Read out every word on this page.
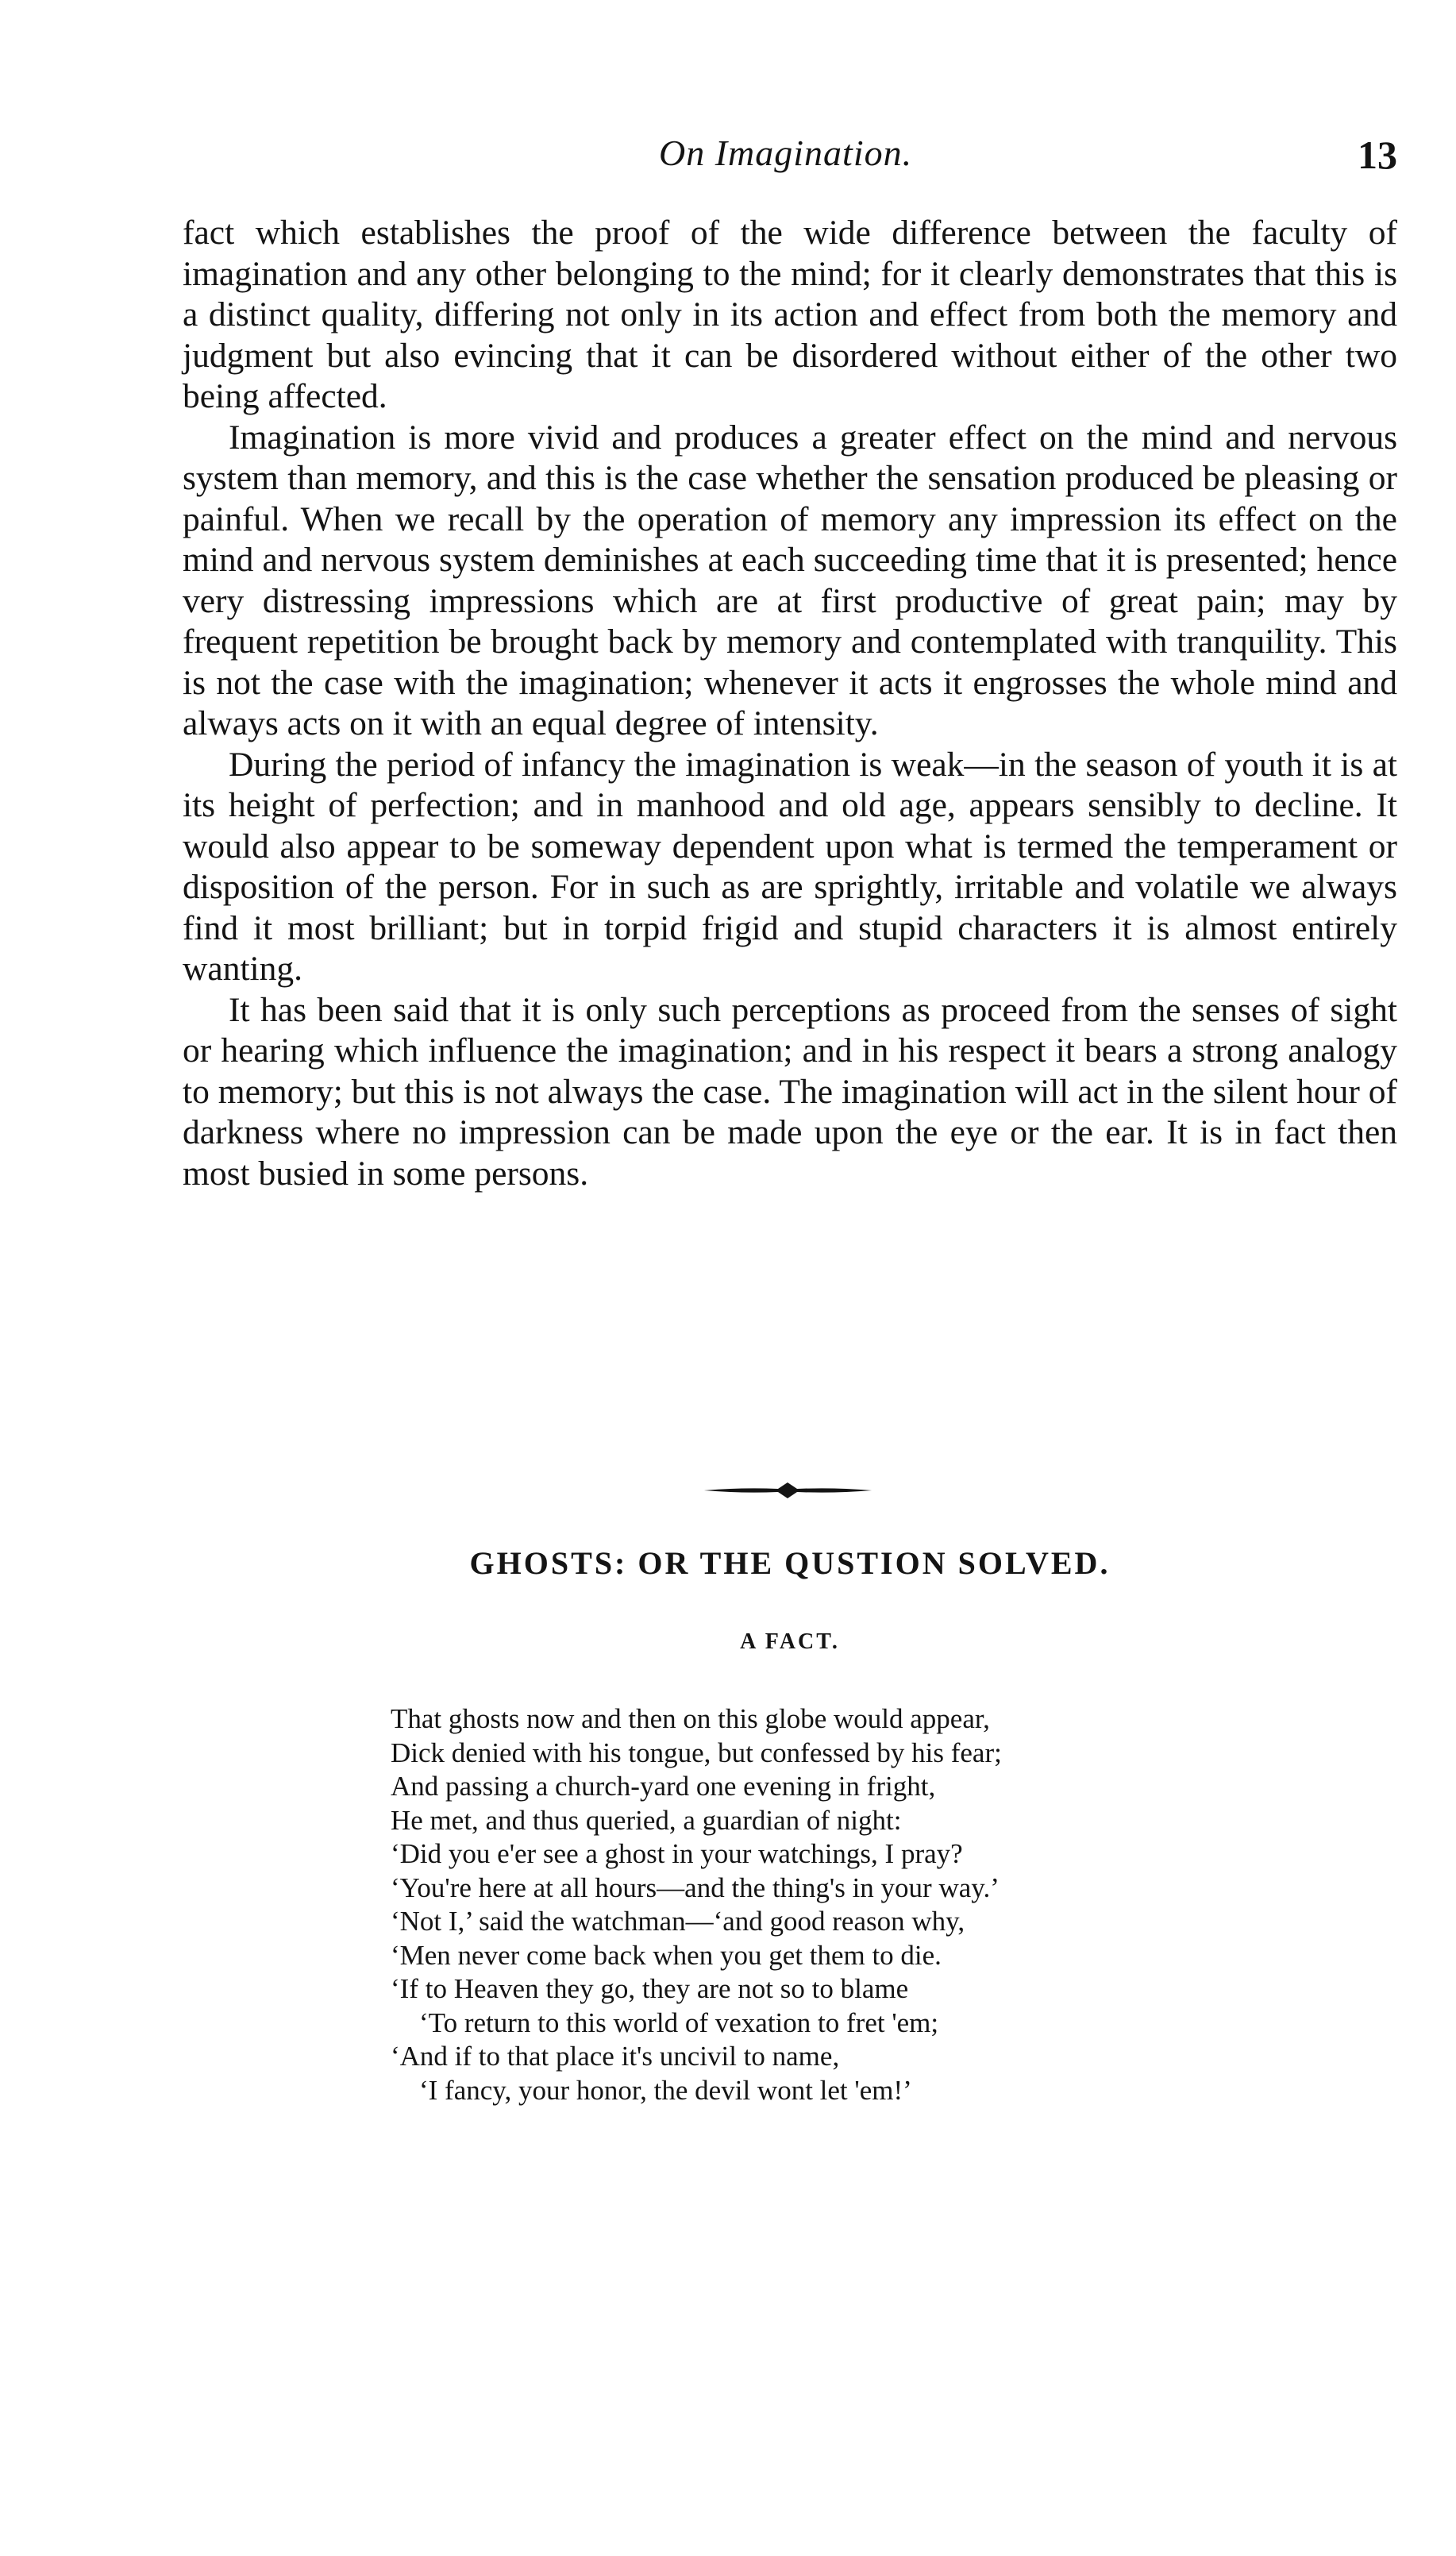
On Imagination.	13

fact which establishes the proof of the wide difference between the faculty of imagination and any other belonging to the mind; for it clearly demonstrates that this is a distinct quality, differing not only in its action and effect from both the memory and judgment but also evincing that it can be disordered without either of the other two being affected.

Imagination is more vivid and produces a greater effect on the mind and nervous system than memory, and this is the case whether the sensation produced be pleasing or painful. When we recall by the operation of memory any impression its effect on the mind and nervous system deminishes at each succeeding time that it is presented; hence very distressing impressions which are at first productive of great pain; may by frequent repetition be brought back by memory and contemplated with tranquility. This is not the case with the imagination; whenever it acts it engrosses the whole mind and always acts on it with an equal degree of intensity.

During the period of infancy the imagination is weak—in the season of youth it is at its height of perfection; and in manhood and old age, appears sensibly to decline. It would also appear to be someway dependent upon what is termed the temperament or disposition of the person. For in such as are sprightly, irritable and volatile we always find it most brilliant; but in torpid frigid and stupid characters it is almost entirely wanting.

It has been said that it is only such perceptions as proceed from the senses of sight or hearing which influence the imagination; and in his respect it bears a strong analogy to memory; but this is not always the case. The imagination will act in the silent hour of darkness where no impression can be made upon the eye or the ear. It is in fact then most busied in some persons.

GHOSTS: OR THE QUSTION SOLVED.
A FACT.
That ghosts now and then on this globe would appear,
Dick denied with his tongue, but confessed by his fear;
And passing a church-yard one evening in fright,
He met, and thus queried, a guardian of night:
‘Did you e'er see a ghost in your watchings, I pray?
‘You're here at all hours—and the thing's in your way.’
‘Not I,’ said the watchman—‘and good reason why,
‘Men never come back when you get them to die.
‘If to Heaven they go, they are not so to blame
‘To return to this world of vexation to fret 'em;
‘And if to that place it's uncivil to name,
‘I fancy, your honor, the devil wont let 'em!’
